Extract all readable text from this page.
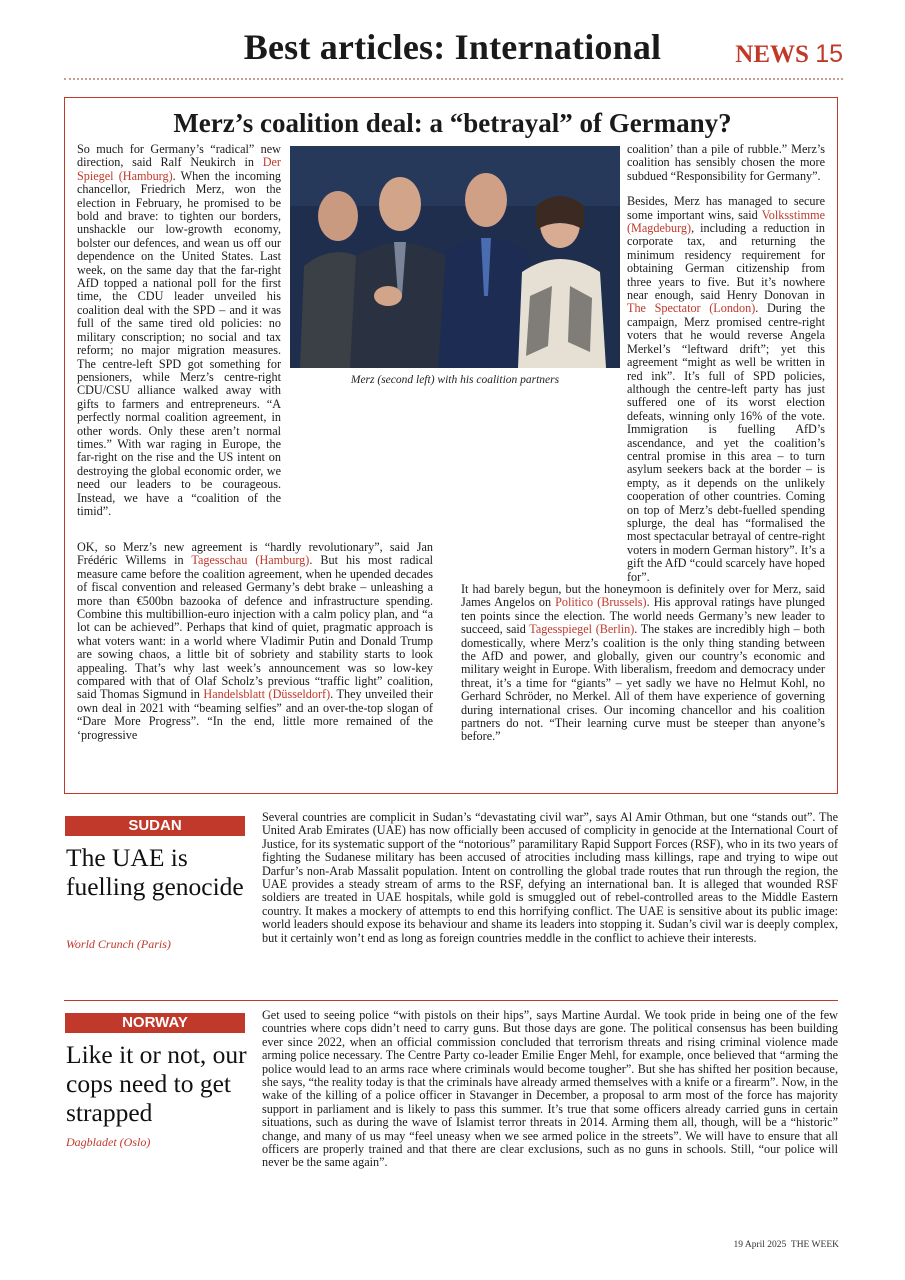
Best articles: International	NEWS 15
Merz’s coalition deal: a “betrayal” of Germany?

So much for Germany’s “radical” new direction, said Ralf Neukirch in Der Spiegel (Hamburg). When the incoming chancellor, Friedrich Merz, won the election in February, he promised to be bold and brave: to tighten our borders, unshackle our low-growth economy, bolster our defences, and wean us off our dependence on the United States. Last week, on the same day that the far-right AfD topped a national poll for the first time, the CDU leader unveiled his coalition deal with the SPD – and it was full of the same tired old policies: no military conscription; no social and tax reform; no major migration measures. The centre-left SPD got something for pensioners, while Merz’s centre-right CDU/CSU alliance walked away with gifts to farmers and entrepreneurs. “A perfectly normal coalition agreement, in other words. Only these aren’t normal times.” With war raging in Europe, the far-right on the rise and the US intent on destroying the global economic order, we need our leaders to be courageous. Instead, we have a “coalition of the timid”.

OK, so Merz’s new agreement is “hardly revolutionary”, said Jan Frédéric Willems in Tagesschau (Hamburg). But his most radical measure came before the coalition agreement, when he upended decades of fiscal convention and released Germany’s debt brake – unleashing a more than €500bn bazooka of defence and infrastructure spending. Combine this multibillion-euro injection with a calm policy plan, and “a lot can be achieved”. Perhaps that kind of quiet, pragmatic approach is what voters want: in a world where Vladimir Putin and Donald Trump are sowing chaos, a little bit of sobriety and stability starts to look appealing. That’s why last week’s announcement was so low-key compared with that of Olaf Scholz’s previous “traffic light” coalition, said Thomas Sigmund in Handelsblatt (Düsseldorf). They unveiled their own deal in 2021 with “beaming selfies” and an over-the-top slogan of “Dare More Progress”. “In the end, little more remained of the ‘progressive

Merz (second left) with his coalition partners

coalition’ than a pile of rubble.” Merz’s coalition has sensibly chosen the more subdued “Responsibility for Germany”.

Besides, Merz has managed to secure some important wins, said Volksstimme (Magdeburg), including a reduction in corporate tax, and returning the minimum residency requirement for obtaining German citizenship from three years to five. But it’s nowhere near enough, said Henry Donovan in The Spectator (London). During the campaign, Merz promised centre-right voters that he would reverse Angela Merkel’s “leftward drift”; yet this agreement “might as well be written in red ink”. It’s full of SPD policies, although the centre-left party has just suffered one of its worst election defeats, winning only 16% of the vote. Immigration is fuelling AfD’s ascendance, and yet the coalition’s central promise in this area – to turn asylum seekers back at the border – is empty, as it depends on the unlikely cooperation of other countries. Coming on top of Merz’s debt-fuelled spending splurge, the deal has “formalised the most spectacular betrayal of centre-right voters in modern German history”. It’s a gift the AfD “could scarcely have hoped for”.

It had barely begun, but the honeymoon is definitely over for Merz, said James Angelos on Politico (Brussels). His approval ratings have plunged ten points since the election. The world needs Germany’s new leader to succeed, said Tagesspiegel (Berlin). The stakes are incredibly high – both domestically, where Merz’s coalition is the only thing standing between the AfD and power, and globally, given our country’s economic and military weight in Europe. With liberalism, freedom and democracy under threat, it’s a time for “giants” – yet sadly we have no Helmut Kohl, no Gerhard Schröder, no Merkel. All of them have experience of governing during international crises. Our incoming chancellor and his coalition partners do not. “Their learning curve must be steeper than anyone’s before.”

SUDAN
The UAE is fuelling genocide
World Crunch (Paris)
Several countries are complicit in Sudan’s “devastating civil war”, says Al Amir Othman, but one “stands out”. The United Arab Emirates (UAE) has now officially been accused of complicity in genocide at the International Court of Justice, for its systematic support of the “notorious” paramilitary Rapid Support Forces (RSF), who in its two years of fighting the Sudanese military has been accused of atrocities including mass killings, rape and trying to wipe out Darfur’s non-Arab Massalit population. Intent on controlling the global trade routes that run through the region, the UAE provides a steady stream of arms to the RSF, defying an international ban. It is alleged that wounded RSF soldiers are treated in UAE hospitals, while gold is smuggled out of rebel-controlled areas to the Middle Eastern country. It makes a mockery of attempts to end this horrifying conflict. The UAE is sensitive about its public image: world leaders should expose its behaviour and shame its leaders into stopping it. Sudan’s civil war is deeply complex, but it certainly won’t end as long as foreign countries meddle in the conflict to achieve their interests.
NORWAY
Like it or not, our cops need to get strapped
Dagbladet (Oslo)
Get used to seeing police “with pistols on their hips”, says Martine Aurdal. We took pride in being one of the few countries where cops didn’t need to carry guns. But those days are gone. The political consensus has been building ever since 2022, when an official commission concluded that terrorism threats and rising criminal violence made arming police necessary. The Centre Party co-leader Emilie Enger Mehl, for example, once believed that “arming the police would lead to an arms race where criminals would become tougher”. But she has shifted her position because, she says, “the reality today is that the criminals have already armed themselves with a knife or a firearm”. Now, in the wake of the killing of a police officer in Stavanger in December, a proposal to arm most of the force has majority support in parliament and is likely to pass this summer. It’s true that some officers already carried guns in certain situations, such as during the wave of Islamist terror threats in 2014. Arming them all, though, will be a “historic” change, and many of us may “feel uneasy when we see armed police in the streets”. We will have to ensure that all officers are properly trained and that there are clear exclusions, such as no guns in schools. Still, “our police will never be the same again”.
19 April 2025 THE WEEK
